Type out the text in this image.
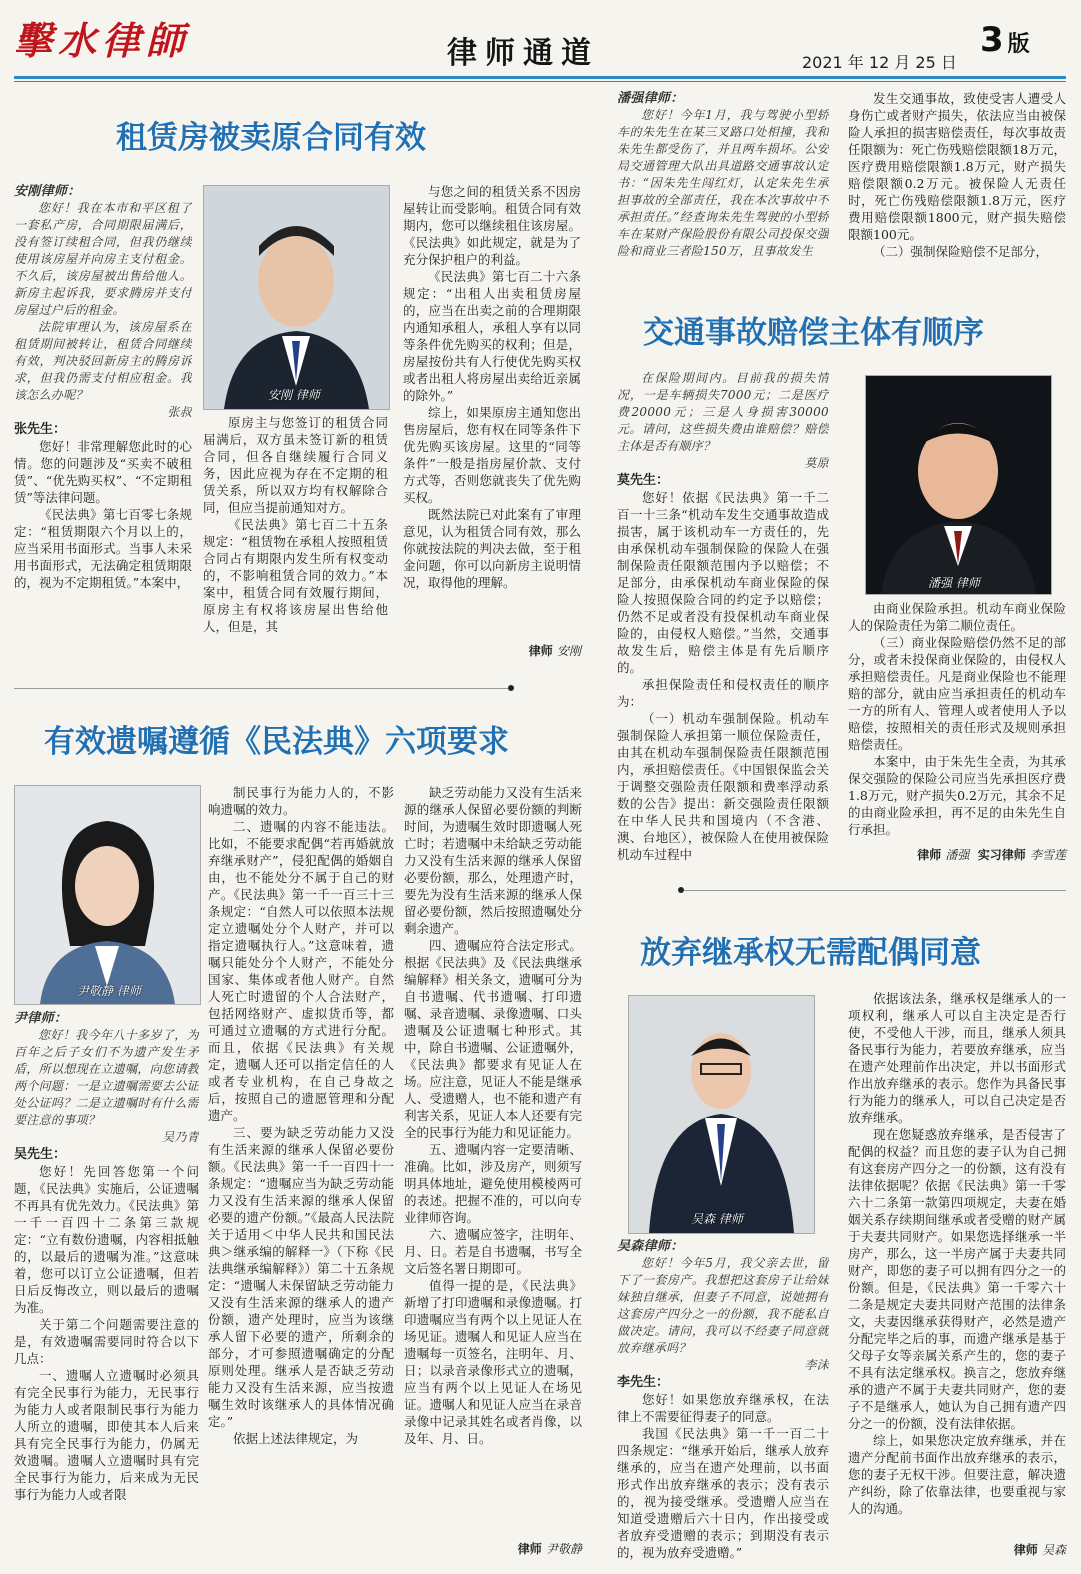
擊水律師	律师通道	2021 年 12 月 25 日
3 版
租赁房被卖原合同有效

安刚律师：

您好！我在本市和平区租了一套私产房，合同期限届满后，没有签订续租合同，但我仍继续使用该房屋并向房主支付租金。不久后，该房屋被出售给他人。新房主起诉我，要求腾房并支付房屋过户后的租金。

法院审理认为，该房屋系在租赁期间被转让，租赁合同继续有效，判决驳回新房主的腾房诉求，但我仍需支付相应租金。我该怎么办呢？

张叔

张先生：

您好！非常理解您此时的心情。您的问题涉及“买卖不破租赁”、“优先购买权”、“不定期租赁”等法律问题。

《民法典》第七百零七条规定：“租赁期限六个月以上的，应当采用书面形式。当事人未采用书面形式，无法确定租赁期限的，视为不定期租赁。”本案中，

安刚 律师

原房主与您签订的租赁合同届满后，双方虽未签订新的租赁合同，但各自继续履行合同义务，因此应视为存在不定期的租赁关系，所以双方均有权解除合同，但应当提前通知对方。

《民法典》第七百二十五条规定：“租赁物在承租人按照租赁合同占有期限内发生所有权变动的，不影响租赁合同的效力。”本案中，租赁合同有效履行期间，原房主有权将该房屋出售给他人，但是，其

与您之间的租赁关系不因房屋转让而受影响。租赁合同有效期内，您可以继续租住该房屋。《民法典》如此规定，就是为了充分保护租户的利益。

《民法典》第七百二十六条规定：“出租人出卖租赁房屋的，应当在出卖之前的合理期限内通知承租人，承租人享有以同等条件优先购买的权利；但是，房屋按份共有人行使优先购买权或者出租人将房屋出卖给近亲属的除外。”

综上，如果原房主通知您出售房屋后，您有权在同等条件下优先购买该房屋。这里的“同等条件”一般是指房屋价款、支付方式等，否则您就丧失了优先购买权。

既然法院已对此案有了审理意见，认为租赁合同有效，那么你就按法院的判决去做，至于租金问题，你可以向新房主说明情况，取得他的理解。

律师 安刚
有效遗嘱遵循《民法典》六项要求
尹敬静 律师

尹律师：

您好！我今年八十多岁了，为百年之后子女们不为遗产发生矛盾，所以想现在立遗嘱，向您请教两个问题：一是立遗嘱需要去公证处公证吗？二是立遗嘱时有什么需要注意的事项？

吴乃青

吴先生：

您好！先回答您第一个问题，《民法典》实施后，公证遗嘱不再具有优先效力。《民法典》第一千一百四十二条第三款规定：“立有数份遗嘱，内容相抵触的，以最后的遗嘱为准。”这意味着，您可以订立公证遗嘱，但若日后反悔改立，则以最后的遗嘱为准。

关于第二个问题需要注意的是，有效遗嘱需要同时符合以下几点：

一、遗嘱人立遗嘱时必须具有完全民事行为能力，无民事行为能力人或者限制民事行为能力人所立的遗嘱，即使其本人后来具有完全民事行为能力，仍属无效遗嘱。遗嘱人立遗嘱时具有完全民事行为能力，后来成为无民事行为能力人或者限

制民事行为能力人的，不影响遗嘱的效力。

二、遗嘱的内容不能违法。比如，不能要求配偶“若再婚就放弃继承财产”，侵犯配偶的婚姻自由，也不能处分不属于自己的财产。《民法典》第一千一百三十三条规定：“自然人可以依照本法规定立遗嘱处分个人财产，并可以指定遗嘱执行人。”这意味着，遗嘱只能处分个人财产，不能处分国家、集体或者他人财产。自然人死亡时遗留的个人合法财产，包括网络财产、虚拟货币等，都可通过立遗嘱的方式进行分配。而且，依据《民法典》有关规定，遗嘱人还可以指定信任的人或者专业机构，在自己身故之后，按照自己的遗愿管理和分配遗产。

三、要为缺乏劳动能力又没有生活来源的继承人保留必要份额。《民法典》第一千一百四十一条规定：“遗嘱应当为缺乏劳动能力又没有生活来源的继承人保留必要的遗产份额。”《最高人民法院关于适用＜中华人民共和国民法典＞继承编的解释一》（下称《民法典继承编解释》）第二十五条规定：“遗嘱人未保留缺乏劳动能力又没有生活来源的继承人的遗产份额，遗产处理时，应当为该继承人留下必要的遗产，所剩余的部分，才可参照遗嘱确定的分配原则处理。继承人是否缺乏劳动能力又没有生活来源，应当按遗嘱生效时该继承人的具体情况确定。”

依据上述法律规定，为

缺乏劳动能力又没有生活来源的继承人保留必要份额的判断时间，为遗嘱生效时即遗嘱人死亡时；若遗嘱中未给缺乏劳动能力又没有生活来源的继承人保留必要份额，那么，处理遗产时，要先为没有生活来源的继承人保留必要份额，然后按照遗嘱处分剩余遗产。

四、遗嘱应符合法定形式。根据《民法典》及《民法典继承编解释》相关条文，遗嘱可分为自书遗嘱、代书遗嘱、打印遗嘱、录音遗嘱、录像遗嘱、口头遗嘱及公证遗嘱七种形式。其中，除自书遗嘱、公证遗嘱外，《民法典》都要求有见证人在场。应注意，见证人不能是继承人、受遗赠人，也不能和遗产有利害关系，见证人本人还要有完全的民事行为能力和见证能力。

五、遗嘱内容一定要清晰、准确。比如，涉及房产，则须写明具体地址，避免使用模棱两可的表述。把握不准的，可以向专业律师咨询。

六、遗嘱应签字，注明年、月、日。若是自书遗嘱，书写全文后签名署日期即可。

值得一提的是，《民法典》新增了打印遗嘱和录像遗嘱。打印遗嘱应当有两个以上见证人在场见证。遗嘱人和见证人应当在遗嘱每一页签名，注明年、月、日；以录音录像形式立的遗嘱，应当有两个以上见证人在场见证。遗嘱人和见证人应当在录音录像中记录其姓名或者肖像，以及年、月、日。

律师 尹敬静

潘强律师：

您好！今年1月，我与驾驶小型轿车的朱先生在某三叉路口处相撞，我和朱先生都受伤了，并且两车损坏。公安局交通管理大队出具道路交通事故认定书：“因朱先生闯红灯，认定朱先生承担事故的全部责任，我在本次事故中不承担责任。”经查询朱先生驾驶的小型轿车在某财产保险股份有限公司投保交强险和商业三者险150万，且事故发生

发生交通事故，致使受害人遭受人身伤亡或者财产损失，依法应当由被保险人承担的损害赔偿责任，每次事故责任限额为：死亡伤残赔偿限额18万元，医疗费用赔偿限额1.8万元，财产损失赔偿限额0.2万元。被保险人无责任时，死亡伤残赔偿限额1.8万元，医疗费用赔偿限额1800元，财产损失赔偿限额100元。

（二）强制保险赔偿不足部分，

交通事故赔偿主体有顺序

在保险期间内。目前我的损失情况，一是车辆损失7000元；二是医疗费20000元；三是人身损害30000元。请问，这些损失费由谁赔偿？赔偿主体是否有顺序？

莫原

莫先生：

您好！依据《民法典》第一千二百一十三条“机动车发生交通事故造成损害，属于该机动车一方责任的，先由承保机动车强制保险的保险人在强制保险责任限额范围内予以赔偿；不足部分，由承保机动车商业保险的保险人按照保险合同的约定予以赔偿；仍然不足或者没有投保机动车商业保险的，由侵权人赔偿。”当然，交通事故发生后，赔偿主体是有先后顺序的。

承担保险责任和侵权责任的顺序为：

（一）机动车强制保险。机动车强制保险人承担第一顺位保险责任，由其在机动车强制保险责任限额范围内，承担赔偿责任。《中国银保监会关于调整交强险责任限额和费率浮动系数的公告》提出：新交强险责任限额在中华人民共和国境内（不含港、澳、台地区），被保险人在使用被保险机动车过程中

潘强 律师

由商业保险承担。机动车商业保险人的保险责任为第二顺位责任。

（三）商业保险赔偿仍然不足的部分，或者未投保商业保险的，由侵权人承担赔偿责任。凡是商业保险也不能理赔的部分，就由应当承担责任的机动车一方的所有人、管理人或者使用人予以赔偿，按照相关的责任形式及规则承担赔偿责任。

本案中，由于朱先生全责，为其承保交强险的保险公司应当先承担医疗费1.8万元，财产损失0.2万元，其余不足的由商业险承担，再不足的由朱先生自行承担。

律师 潘强 实习律师 李雪莲
放弃继承权无需配偶同意
吴森 律师

吴森律师：

您好！今年5月，我父亲去世，留下了一套房产。我想把这套房子让给妹妹独自继承，但妻子不同意，说她拥有这套房产四分之一的份额，我不能私自做决定。请问，我可以不经妻子同意就放弃继承吗？

李沫

李先生：

您好！如果您放弃继承权，在法律上不需要征得妻子的同意。

我国《民法典》第一千一百二十四条规定：“继承开始后，继承人放弃继承的，应当在遗产处理前，以书面形式作出放弃继承的表示；没有表示的，视为接受继承。受遗赠人应当在知道受遗赠后六十日内，作出接受或者放弃受遗赠的表示；到期没有表示的，视为放弃受遗赠。”

依据该法条，继承权是继承人的一项权利，继承人可以自主决定是否行使，不受他人干涉，而且，继承人须具备民事行为能力，若要放弃继承，应当在遗产处理前作出决定，并以书面形式作出放弃继承的表示。您作为具备民事行为能力的继承人，可以自己决定是否放弃继承。

现在您疑惑放弃继承，是否侵害了配偶的权益？而且您的妻子认为自己拥有这套房产四分之一的份额，这有没有法律依据呢？依据《民法典》第一千零六十二条第一款第四项规定，夫妻在婚姻关系存续期间继承或者受赠的财产属于夫妻共同财产。如果您选择继承一半房产，那么，这一半房产属于夫妻共同财产，即您的妻子可以拥有四分之一的份额。但是，《民法典》第一千零六十二条是规定夫妻共同财产范围的法律条文，夫妻因继承获得财产，必然是遗产分配完毕之后的事，而遗产继承是基于父母子女等亲属关系产生的，您的妻子不具有法定继承权。换言之，您放弃继承的遗产不属于夫妻共同财产，您的妻子不是继承人，她认为自己拥有遗产四分之一的份额，没有法律依据。

综上，如果您决定放弃继承，并在遗产分配前书面作出放弃继承的表示，您的妻子无权干涉。但要注意，解决遗产纠纷，除了依靠法律，也要重视与家人的沟通。

律师 吴森
